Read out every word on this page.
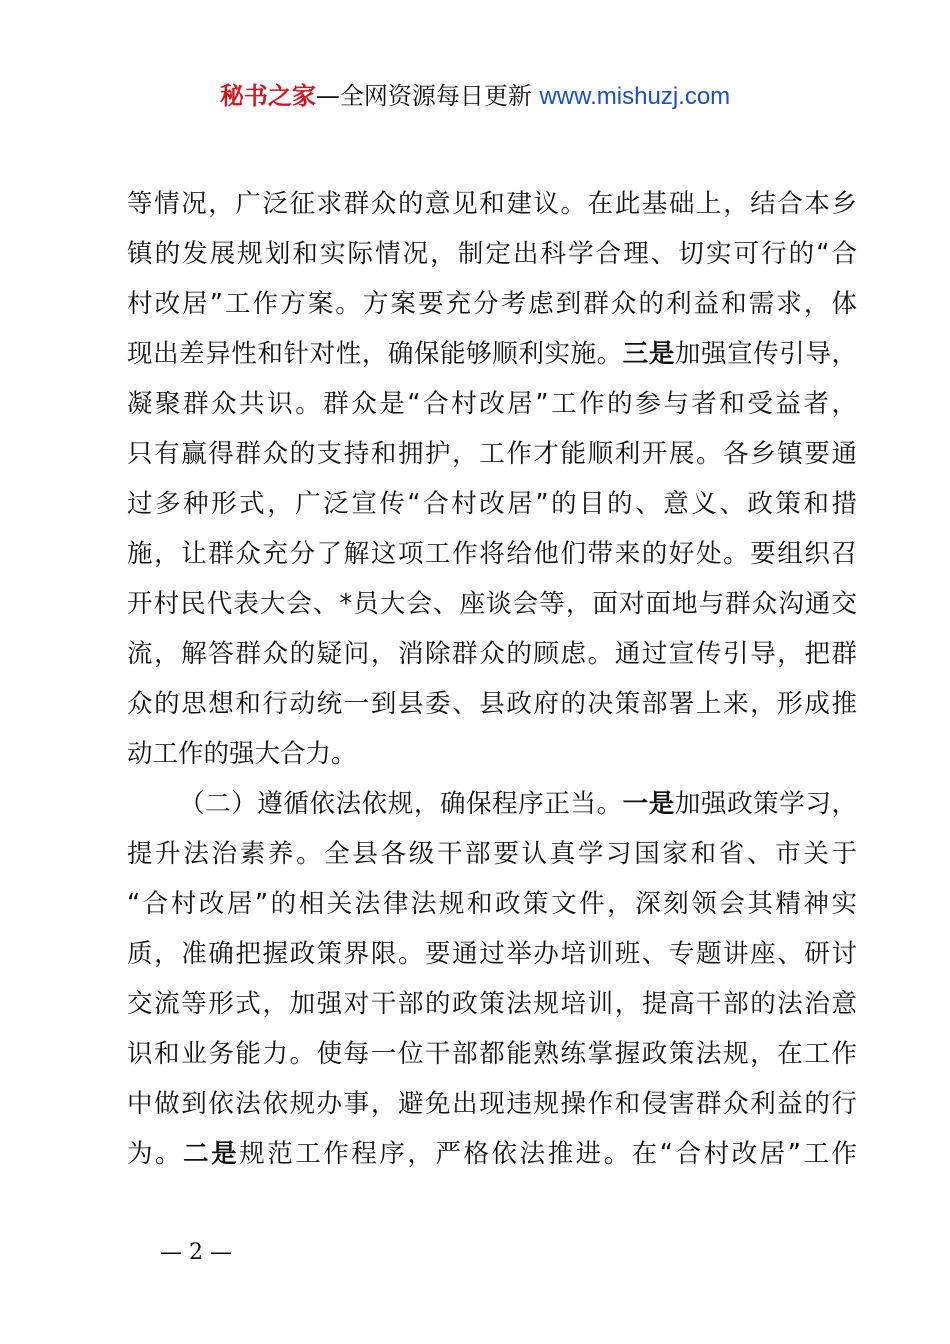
秘书之家—全网资源每日更新 www.mishuzj.com
等情况，广泛征求群众的意见和建议。在此基础上，结合本乡
镇的发展规划和实际情况，制定出科学合理、切实可行的“合
村改居”工作方案。方案要充分考虑到群众的利益和需求，体
现出差异性和针对性，确保能够顺利实施。三是加强宣传引导，
凝聚群众共识。群众是“合村改居”工作的参与者和受益者，
只有赢得群众的支持和拥护，工作才能顺利开展。各乡镇要通
过多种形式，广泛宣传“合村改居”的目的、意义、政策和措
施，让群众充分了解这项工作将给他们带来的好处。要组织召
开村民代表大会、*员大会、座谈会等，面对面地与群众沟通交
流，解答群众的疑问，消除群众的顾虑。通过宣传引导，把群
众的思想和行动统一到县委、县政府的决策部署上来，形成推
动工作的强大合力。
（二）遵循依法依规，确保程序正当。一是加强政策学习，
提升法治素养。全县各级干部要认真学习国家和省、市关于
“合村改居”的相关法律法规和政策文件，深刻领会其精神实
质，准确把握政策界限。要通过举办培训班、专题讲座、研讨
交流等形式，加强对干部的政策法规培训，提高干部的法治意
识和业务能力。使每一位干部都能熟练掌握政策法规，在工作
中做到依法依规办事，避免出现违规操作和侵害群众利益的行
为。二是规范工作程序，严格依法推进。在“合村改居”工作
— 2 —
